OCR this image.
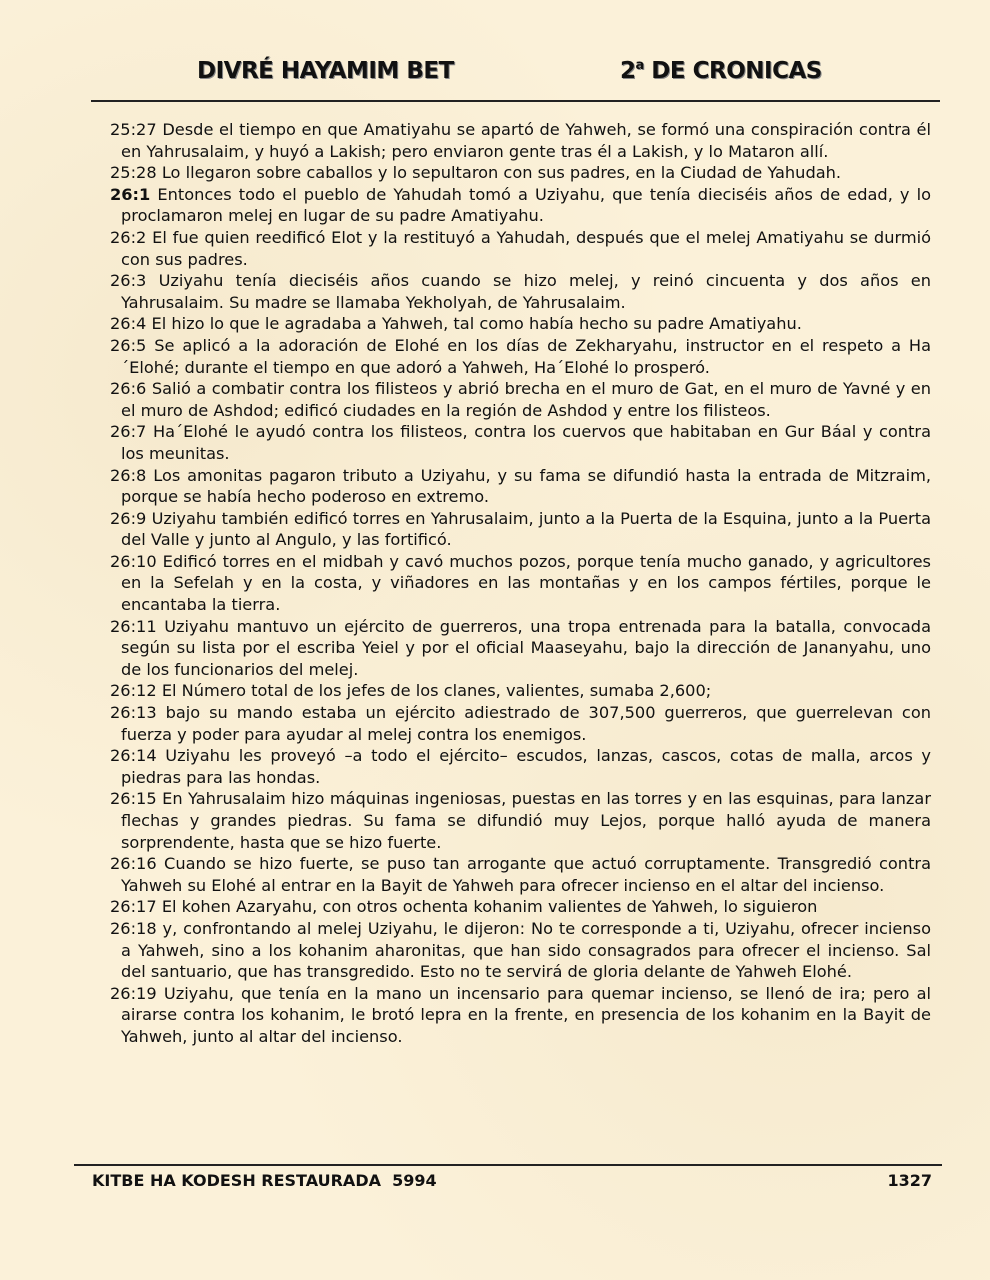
DIVRÉ HAYAMIM BET	2$^a$ DE CRONICAS

25:27 Desde el tiempo en que Amatiyahu se apartó de Yahweh, se formó una conspiración contra él en Yahrusalaim, y huyó a Lakish; pero enviaron gente tras él a Lakish, y lo Mataron allí.

25:28 Lo llegaron sobre caballos y lo sepultaron con sus padres, en la Ciudad de Yahudah.

26:1 Entonces todo el pueblo de Yahudah tomó a Uziyahu, que tenía dieciséis años de edad, y lo proclamaron melej en lugar de su padre Amatiyahu.

26:2 El fue quien reedificó Elot y la restituyó a Yahudah, después que el melej Amatiyahu se durmió con sus padres.

26:3 Uziyahu tenía dieciséis años cuando se hizo melej, y reinó cincuenta y dos años en Yahrusalaim. Su madre se llamaba Yekholyah, de Yahrusalaim.

26:4 El hizo lo que le agradaba a Yahweh, tal como había hecho su padre Amatiyahu.

26:5 Se aplicó a la adoración de Elohé en los días de Zekharyahu, instructor en el respeto a Ha´Elohé; durante el tiempo en que adoró a Yahweh, Ha´Elohé lo prosperó.

26:6 Salió a combatir contra los filisteos y abrió brecha en el muro de Gat, en el muro de Yavné y en el muro de Ashdod; edificó ciudades en la región de Ashdod y entre los filisteos.

26:7 Ha´Elohé le ayudó contra los filisteos, contra los cuervos que habitaban en Gur Báal y contra los meunitas.

26:8 Los amonitas pagaron tributo a Uziyahu, y su fama se difundió hasta la entrada de Mitzraim, porque se había hecho poderoso en extremo.

26:9 Uziyahu también edificó torres en Yahrusalaim, junto a la Puerta de la Esquina, junto a la Puerta del Valle y junto al Angulo, y las fortificó.

26:10 Edificó torres en el midbah y cavó muchos pozos, porque tenía mucho ganado, y agricultores en la Sefelah y en la costa, y viñadores en las montañas y en los campos fértiles, porque le encantaba la tierra.

26:11 Uziyahu mantuvo un ejército de guerreros, una tropa entrenada para la batalla, convocada según su lista por el escriba Yeiel y por el oficial Maaseyahu, bajo la dirección de Jananyahu, uno de los funcionarios del melej.

26:12 El Número total de los jefes de los clanes, valientes, sumaba 2,600;

26:13 bajo su mando estaba un ejército adiestrado de 307,500 guerreros, que guerrelevan con fuerza y poder para ayudar al melej contra los enemigos.

26:14 Uziyahu les proveyó –a todo el ejército– escudos, lanzas, cascos, cotas de malla, arcos y piedras para las hondas.

26:15 En Yahrusalaim hizo máquinas ingeniosas, puestas en las torres y en las esquinas, para lanzar flechas y grandes piedras. Su fama se difundió muy Lejos, porque halló ayuda de manera sorprendente, hasta que se hizo fuerte.

26:16 Cuando se hizo fuerte, se puso tan arrogante que actuó corruptamente. Transgredió contra Yahweh su Elohé al entrar en la Bayit de Yahweh para ofrecer incienso en el altar del incienso.

26:17 El kohen Azaryahu, con otros ochenta kohanim valientes de Yahweh, lo siguieron

26:18 y, confrontando al melej Uziyahu, le dijeron: No te corresponde a ti, Uziyahu, ofrecer incienso a Yahweh, sino a los kohanim aharonitas, que han sido consagrados para ofrecer el incienso. Sal del santuario, que has transgredido. Esto no te servirá de gloria delante de Yahweh Elohé.

26:19 Uziyahu, que tenía en la mano un incensario para quemar incienso, se llenó de ira; pero al airarse contra los kohanim, le brotó lepra en la frente, en presencia de los kohanim en la Bayit de Yahweh, junto al altar del incienso.

KITBE HA KODESH RESTAURADA  5994	1327
